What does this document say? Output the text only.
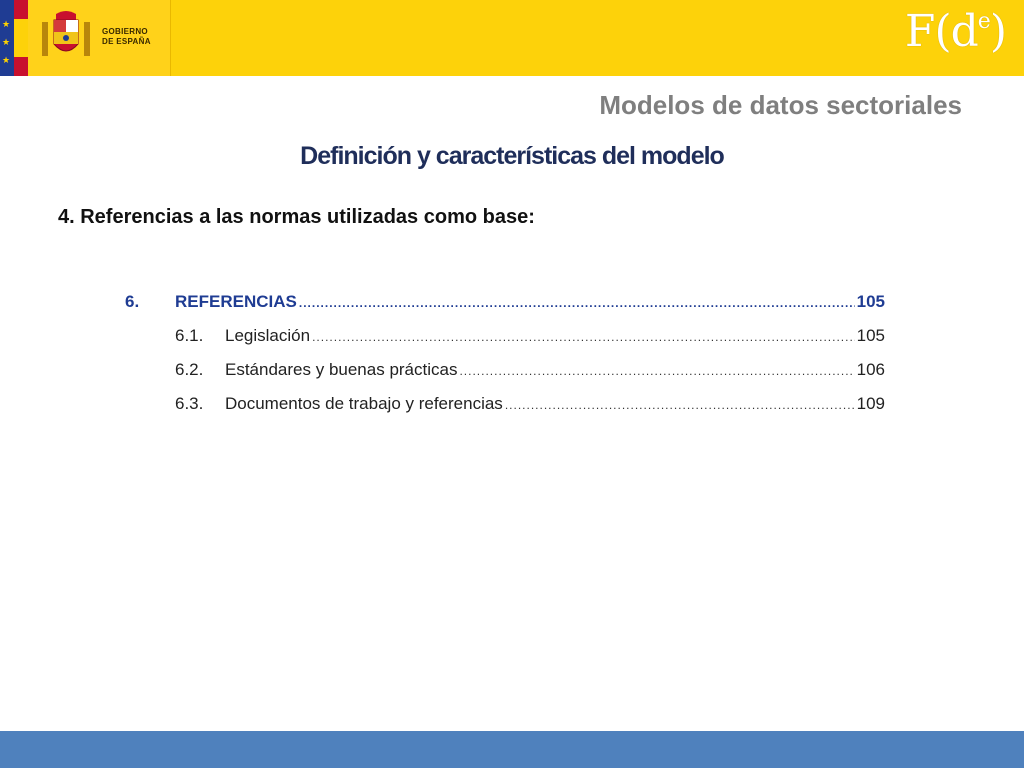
★
★
★
GOBIERNO
DE ESPAÑA	$F(d^e)$
Modelos de datos sectoriales
Definición y características del modelo
4. Referencias a las normas utilizadas como base:
6.	REFERENCIAS .....	105
6.1.	Legislación .....	105
6.2.	Estándares y buenas prácticas .....	106
6.3.	Documentos de trabajo y referencias .....	109
